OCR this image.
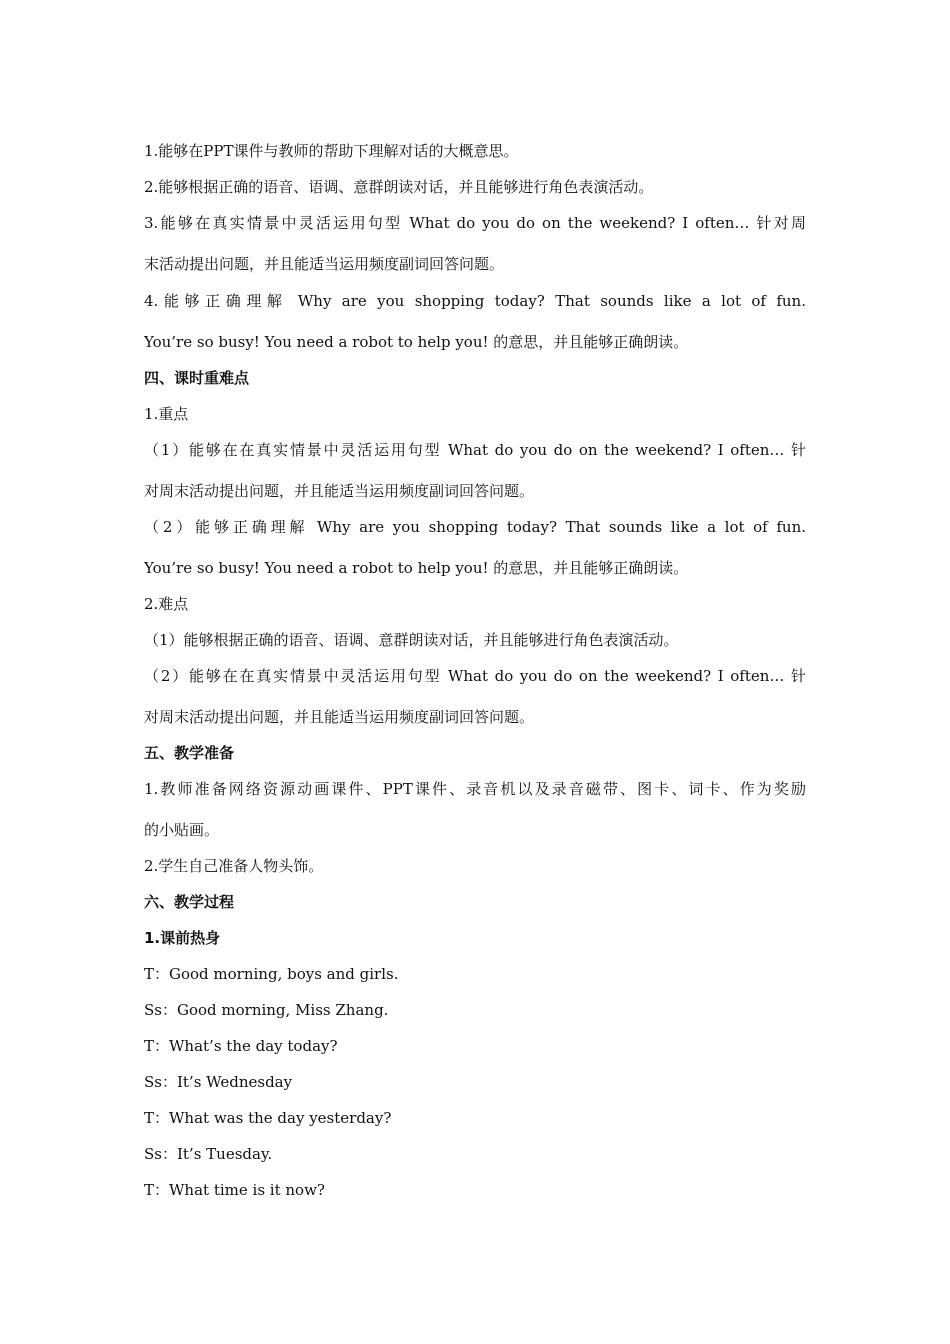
1.能够在PPT课件与教师的帮助下理解对话的大概意思。

2.能够根据正确的语音、语调、意群朗读对话，并且能够进行角色表演活动。

3.能够在真实情景中灵活运用句型 What do you do on the weekend? I often… 针对周

末活动提出问题，并且能适当运用频度副词回答问题。

4.能够正确理解 Why are you shopping today? That sounds like a lot of fun.

You’re so busy! You need a robot to help you! 的意思，并且能够正确朗读。

四、课时重难点

1.重点

（1）能够在在真实情景中灵活运用句型 What do you do on the weekend? I often… 针

对周末活动提出问题，并且能适当运用频度副词回答问题。

（2）能够正确理解 Why are you shopping today? That sounds like a lot of fun.

You’re so busy! You need a robot to help you! 的意思，并且能够正确朗读。

2.难点

（1）能够根据正确的语音、语调、意群朗读对话，并且能够进行角色表演活动。

（2）能够在在真实情景中灵活运用句型 What do you do on the weekend? I often… 针

对周末活动提出问题，并且能适当运用频度副词回答问题。

五、教学准备

1.教师准备网络资源动画课件、PPT课件、录音机以及录音磁带、图卡、词卡、作为奖励

的小贴画。

2.学生自己准备人物头饰。

六、教学过程

1.课前热身

T：Good morning, boys and girls.

Ss：Good morning, Miss Zhang.

T：What’s the day today?

Ss：It’s Wednesday

T：What was the day yesterday?

Ss：It’s Tuesday.

T：What time is it now?
